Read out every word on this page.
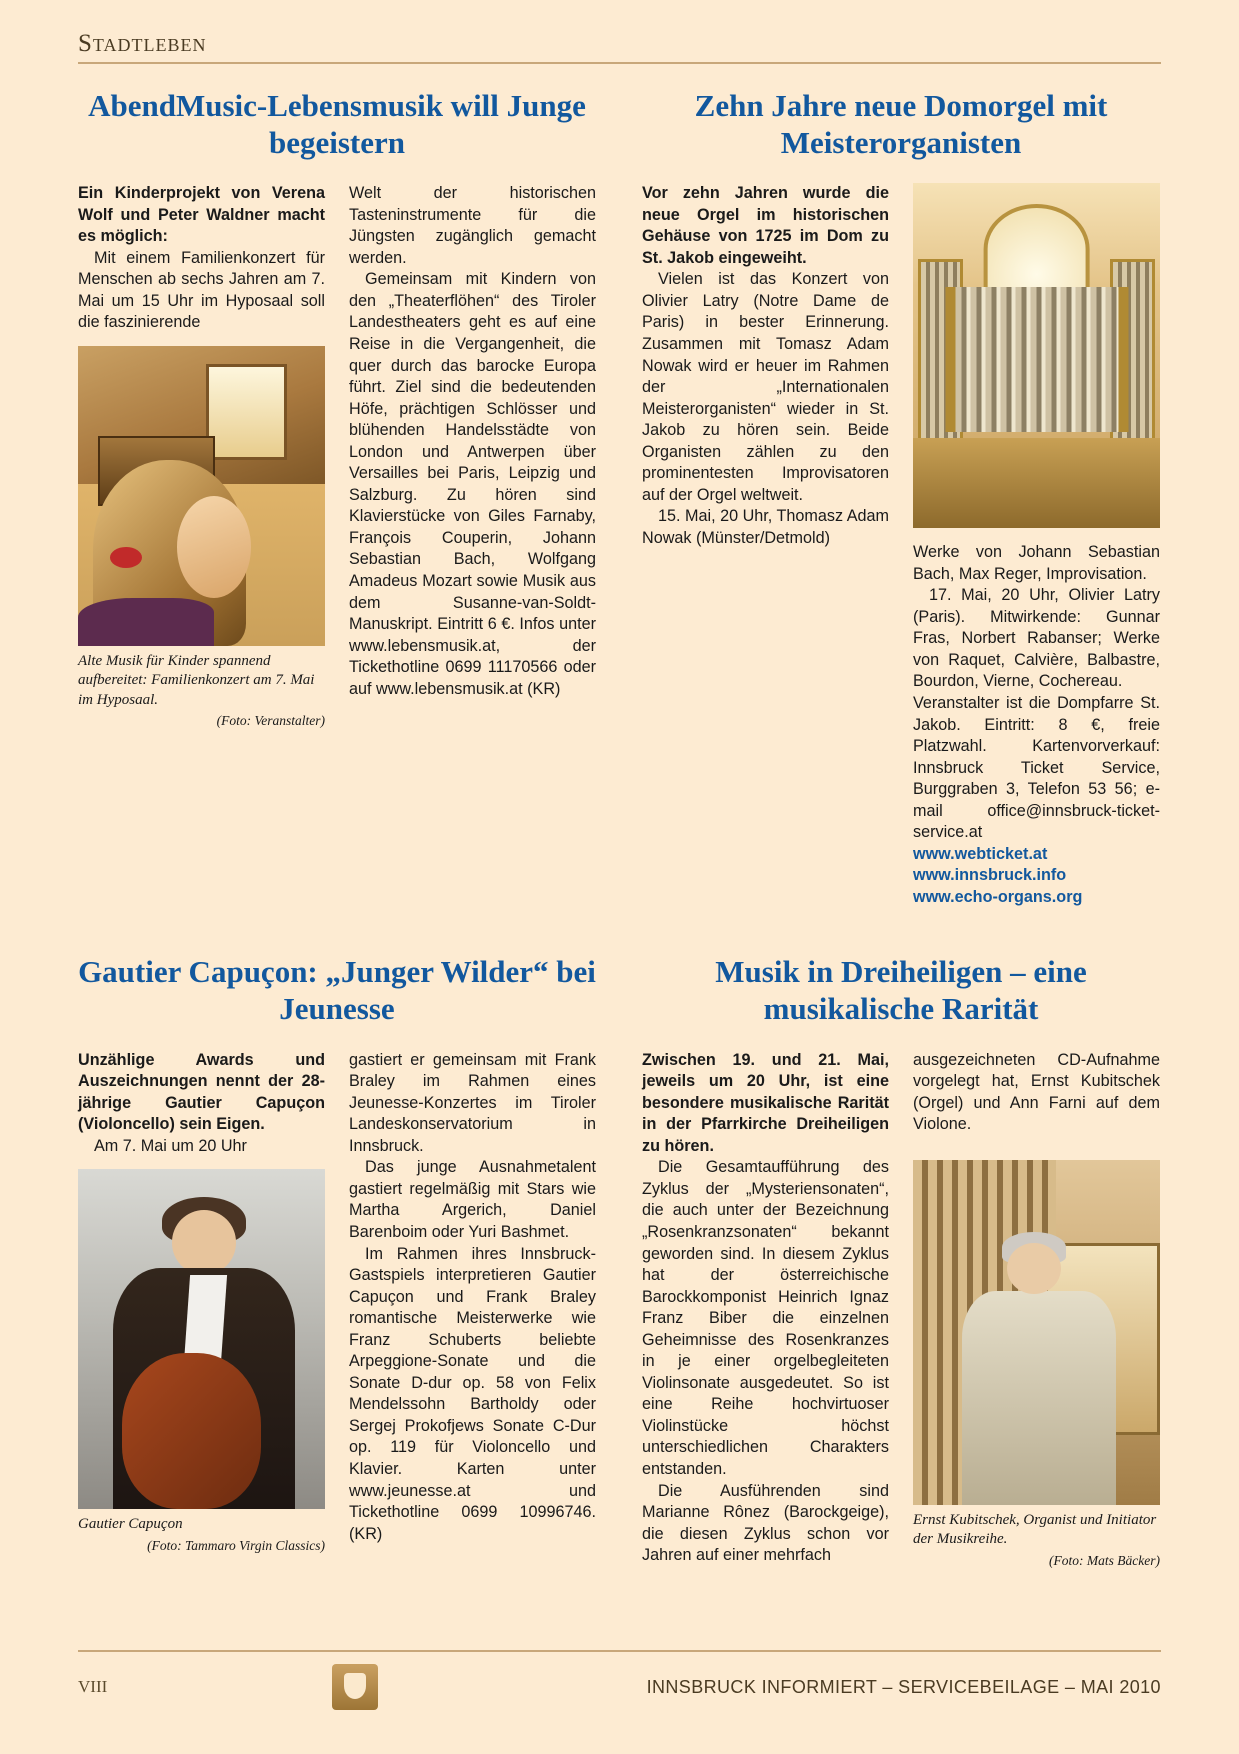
Stadtleben
AbendMusic-Lebensmusik will Junge begeistern

Ein Kinderprojekt von Verena Wolf und Peter Waldner macht es möglich:

Mit einem Familienkonzert für Menschen ab sechs Jahren am 7. Mai um 15 Uhr im Hyposaal soll die faszinierende

Alte Musik für Kinder spannend aufbereitet: Familienkonzert am 7. Mai im Hyposaal.
(Foto: Veranstalter)

Welt der historischen Tasteninstrumente für die Jüngsten zugänglich gemacht werden.

Gemeinsam mit Kindern von den „Theaterflöhen“ des Tiroler Landestheaters geht es auf eine Reise in die Vergangenheit, die quer durch das barocke Europa führt. Ziel sind die bedeutenden Höfe, prächtigen Schlösser und blühenden Handelsstädte von London und Antwerpen über Versailles bei Paris, Leipzig und Salzburg. Zu hören sind Klavierstücke von Giles Farnaby, François Couperin, Johann Sebastian Bach, Wolfgang Amadeus Mozart sowie Musik aus dem Susanne-van-Soldt-Manuskript. Eintritt 6 €. Infos unter www.lebensmusik.at, der Tickethotline 0699 11170566 oder auf www.lebensmusik.at (KR)

Zehn Jahre neue Domorgel mit Meisterorganisten

Vor zehn Jahren wurde die neue Orgel im historischen Gehäuse von 1725 im Dom zu St. Jakob eingeweiht.

Vielen ist das Konzert von Olivier Latry (Notre Dame de Paris) in bester Erinnerung. Zusammen mit Tomasz Adam Nowak wird er heuer im Rahmen der „Internationalen Meisterorganisten“ wieder in St. Jakob zu hören sein. Beide Organisten zählen zu den prominentesten Improvisatoren auf der Orgel weltweit.

15. Mai, 20 Uhr, Thomasz Adam Nowak (Münster/Detmold)

Werke von Johann Sebastian Bach, Max Reger, Improvisation.

17. Mai, 20 Uhr, Olivier Latry (Paris). Mitwirkende: Gunnar Fras, Norbert Rabanser; Werke von Raquet, Calvière, Balbastre, Bourdon, Vierne, Cochereau.

Veranstalter ist die Dompfarre St. Jakob. Eintritt: 8 €, freie Platzwahl. Kartenvorverkauf: Innsbruck Ticket Service, Burggraben 3, Telefon 53 56; e-mail office@innsbruck-ticket-service.at

www.webticket.at

www.innsbruck.info

www.echo-organs.org

Gautier Capuçon: „Junger Wilder“ bei Jeunesse

Unzählige Awards und Auszeichnungen nennt der 28-jährige Gautier Capuçon (Violoncello) sein Eigen.

Am 7. Mai um 20 Uhr

Gautier Capuçon
(Foto: Tammaro Virgin Classics)

gastiert er gemeinsam mit Frank Braley im Rahmen eines Jeunesse-Konzertes im Tiroler Landeskonservatorium in Innsbruck.

Das junge Ausnahmetalent gastiert regelmäßig mit Stars wie Martha Argerich, Daniel Barenboim oder Yuri Bashmet.

Im Rahmen ihres Innsbruck-Gastspiels interpretieren Gautier Capuçon und Frank Braley romantische Meisterwerke wie Franz Schuberts beliebte Arpeggione-Sonate und die Sonate D-dur op. 58 von Felix Mendelssohn Bartholdy oder Sergej Prokofjews Sonate C-Dur op. 119 für Violoncello und Klavier. Karten unter www.jeunesse.at und Tickethotline 0699 10996746. (KR)

Musik in Dreiheiligen – eine musikalische Rarität

Zwischen 19. und 21. Mai, jeweils um 20 Uhr, ist eine besondere musikalische Rarität in der Pfarrkirche Dreiheiligen zu hören.

Die Gesamtaufführung des Zyklus der „Mysteriensonaten“, die auch unter der Bezeichnung „Rosenkranzsonaten“ bekannt geworden sind. In diesem Zyklus hat der österreichische Barockkomponist Heinrich Ignaz Franz Biber die einzelnen Geheimnisse des Rosenkranzes in je einer orgelbegleiteten Violinsonate ausgedeutet. So ist eine Reihe hochvirtuoser Violinstücke höchst unterschiedlichen Charakters entstanden.

Die Ausführenden sind Marianne Rônez (Barockgeige), die diesen Zyklus schon vor Jahren auf einer mehrfach

ausgezeichneten CD-Aufnahme vorgelegt hat, Ernst Kubitschek (Orgel) und Ann Farni auf dem Violone.

Ernst Kubitschek, Organist und Initiator der Musikreihe.
(Foto: Mats Bäcker)
VIII	INNSBRUCK INFORMIERT – SERVICEBEILAGE – MAI 2010
